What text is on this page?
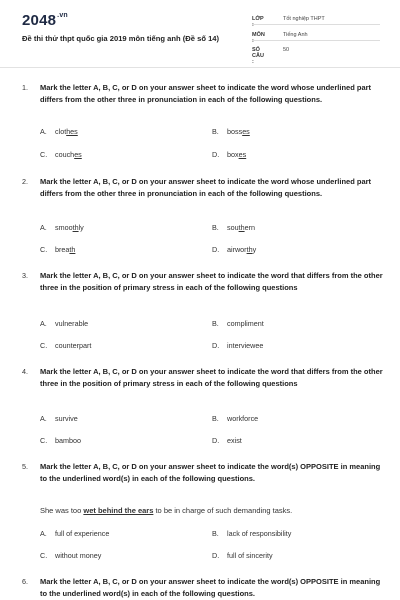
$2048^{.vn}$
Đề thi thử thpt quốc gia 2019 môn tiếng anh (Đề số 14)
LỚP :
Tốt nghiệp THPT
MÔN :
Tiếng Anh
SỐ CÂU :
50
1. Mark the letter A, B, C, or D on your answer sheet to indicate the word whose underlined part differs from the other three in pronunciation in each of the following questions.
A. clothes	B. bosses
C. couches	D. boxes
2. Mark the letter A, B, C, or D on your answer sheet to indicate the word whose underlined part differs from the other three in pronunciation in each of the following questions.
A. smoothly	B. southern
C. breath	D. airworthy
3. Mark the letter A, B, C, or D on your answer sheet to indicate the word that differs from the other three in the position of primary stress in each of the following questions
A. vulnerable	B. compliment
C. counterpart	D. interviewee
4. Mark the letter A, B, C, or D on your answer sheet to indicate the word that differs from the other three in the position of primary stress in each of the following questions
A. survive	B. workforce
C. bamboo	D. exist
5. Mark the letter A, B, C, or D on your answer sheet to indicate the word(s) OPPOSITE in meaning to the underlined word(s) in each of the following questions.
She was too wet behind the ears to be in charge of such demanding tasks.
A. full of experience	B. lack of responsibility
C. without money	D. full of sincerity
6. Mark the letter A, B, C, or D on your answer sheet to indicate the word(s) OPPOSITE in meaning to the underlined word(s) in each of the following questions.
